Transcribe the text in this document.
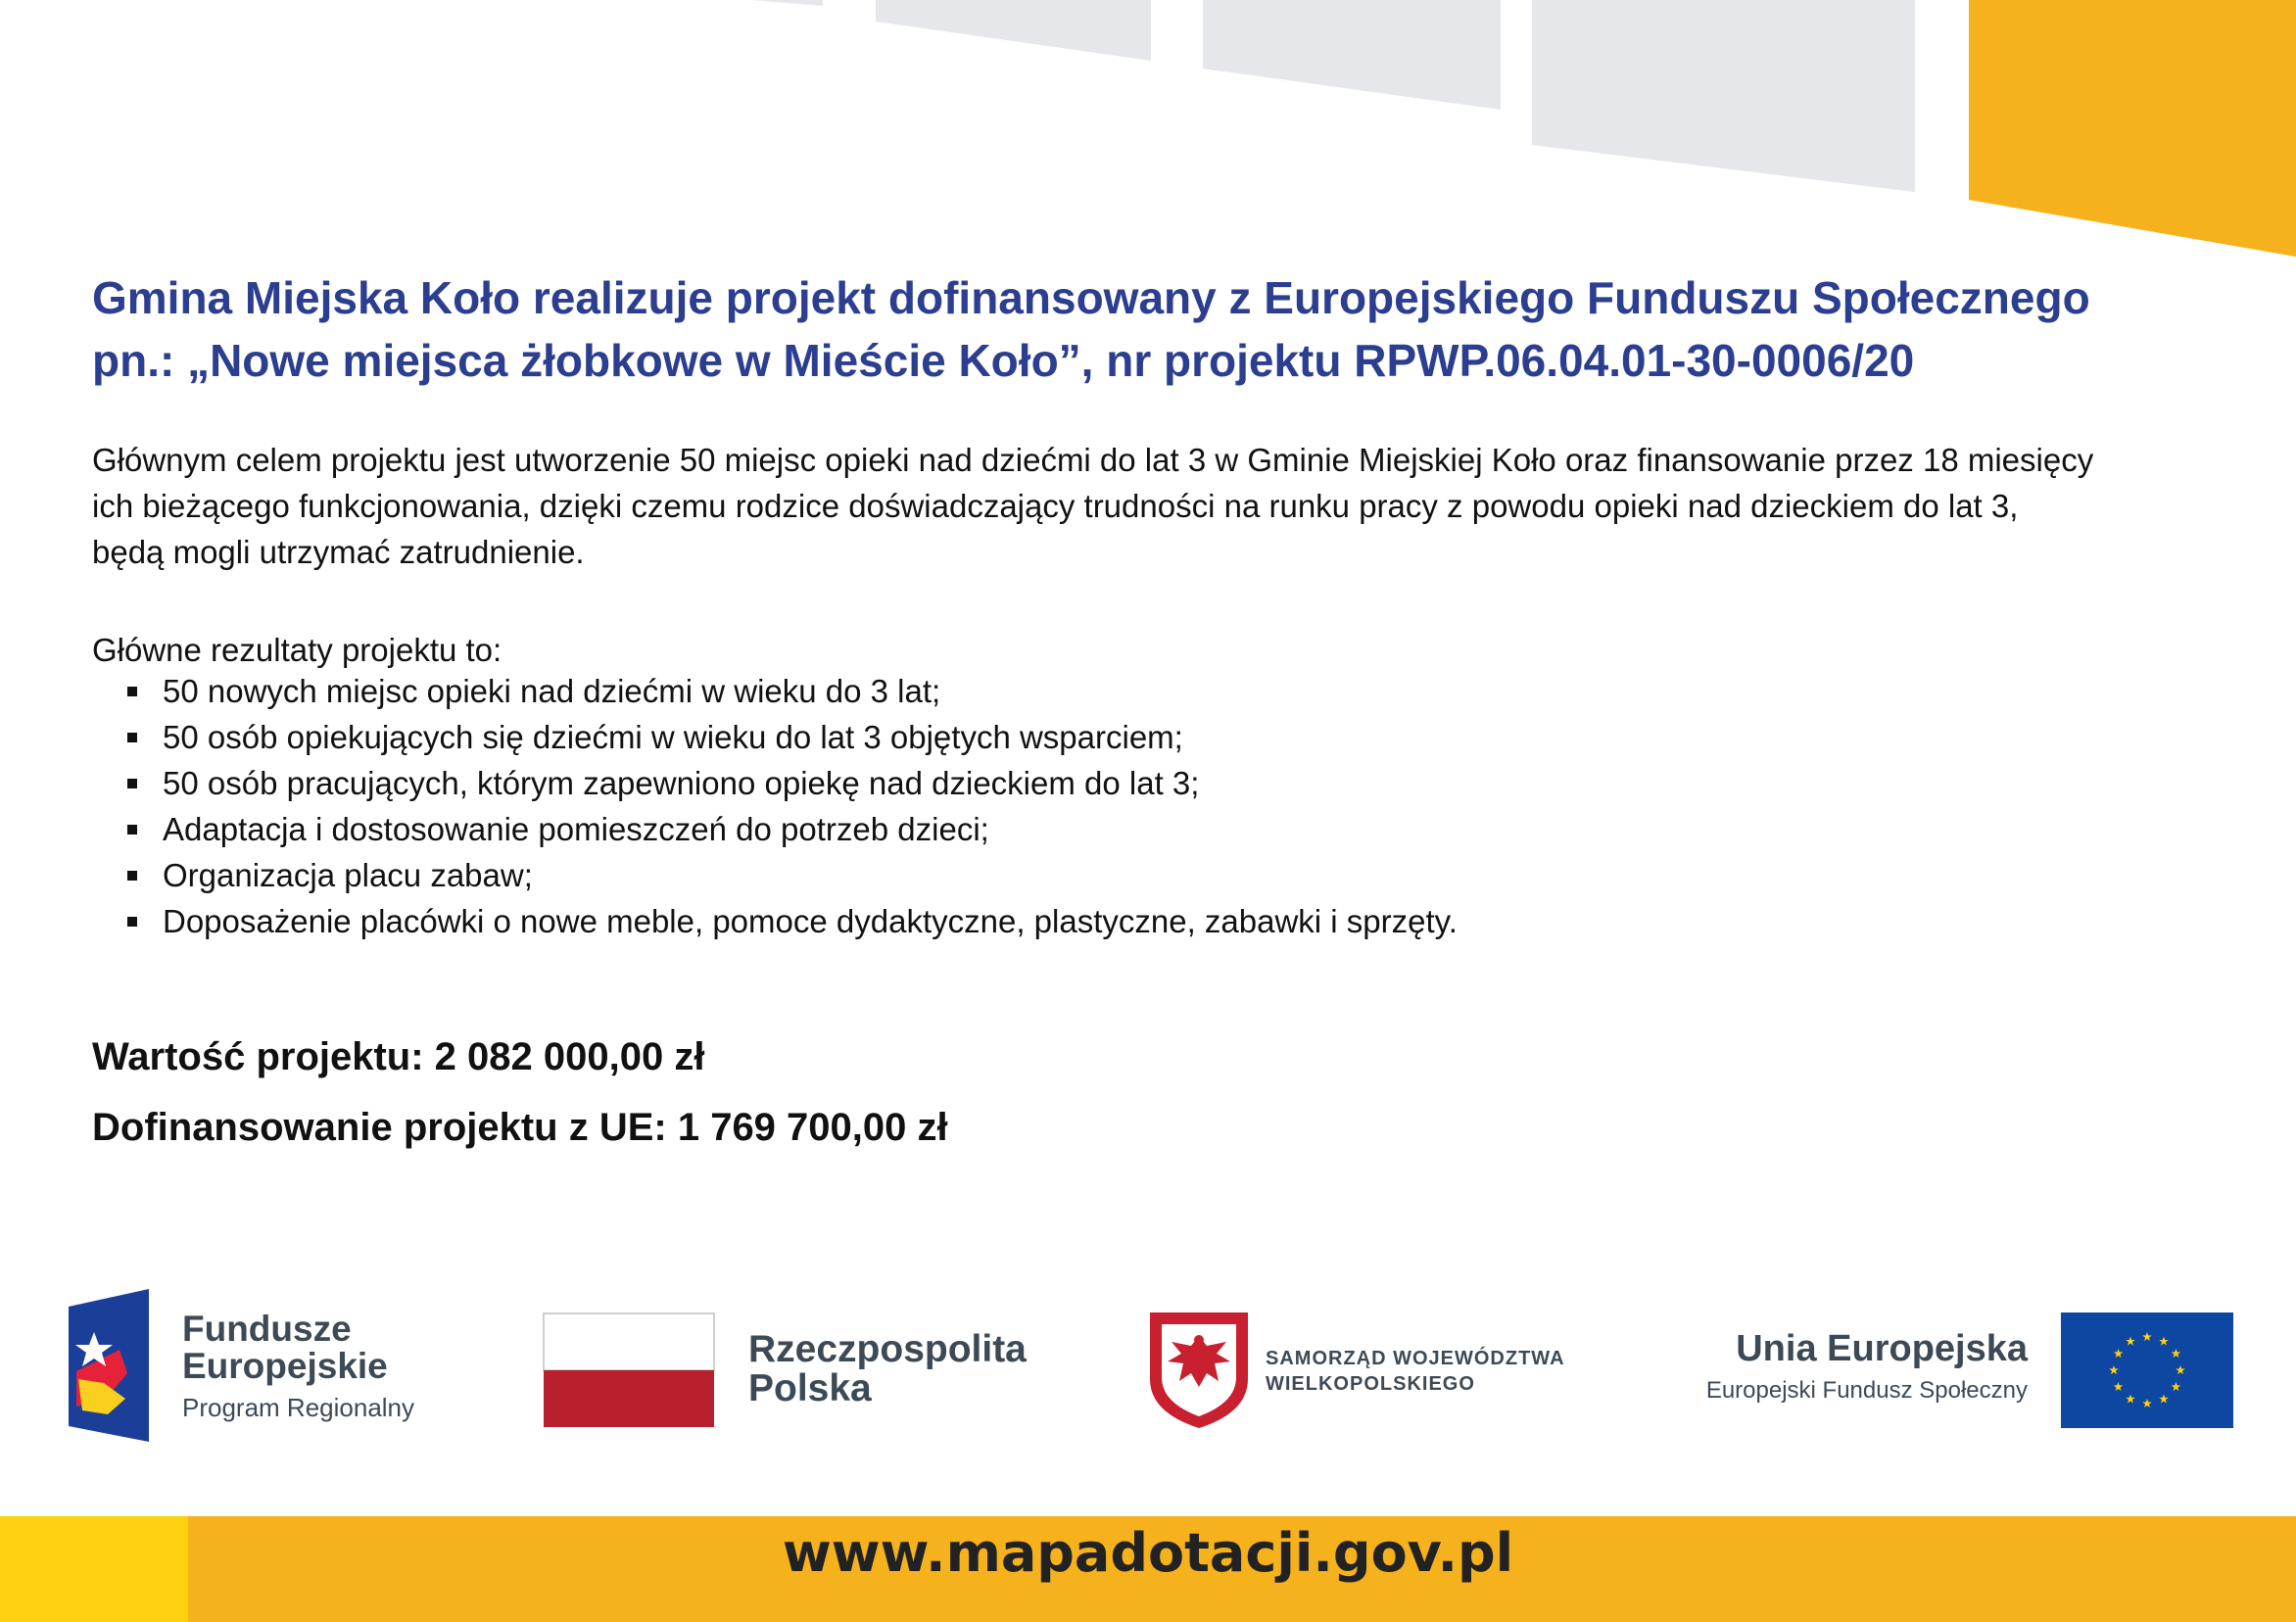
Gmina Miejska Koło realizuje projekt dofinansowany z Europejskiego Funduszu Społecznego
pn.: „Nowe miejsca żłobkowe w Mieście Koło”, nr projektu RPWP.06.04.01-30-0006/20
Głównym celem projektu jest utworzenie 50 miejsc opieki nad dziećmi do lat 3 w Gminie Miejskiej Koło oraz finansowanie przez 18 miesięcy
ich bieżącego funkcjonowania, dzięki czemu rodzice doświadczający trudności na runku pracy z powodu opieki nad dzieckiem do lat 3,
będą mogli utrzymać zatrudnienie.
Główne rezultaty projektu to:
50 nowych miejsc opieki nad dziećmi w wieku do 3 lat;
50 osób opiekujących się dziećmi w wieku do lat 3 objętych wsparciem;
50 osób pracujących, którym zapewniono opiekę nad dzieckiem do lat 3;
Adaptacja i dostosowanie pomieszczeń do potrzeb dzieci;
Organizacja placu zabaw;
Doposażenie placówki o nowe meble, pomoce dydaktyczne, plastyczne, zabawki i sprzęty.
Wartość projektu: 2 082 000,00 zł
Dofinansowanie projektu z UE: 1 769 700,00 zł
Fundusze
Europejskie
Program Regionalny
Rzeczpospolita
Polska
SAMORZĄD WOJEWÓDZTWA
WIELKOPOLSKIEGO
Unia Europejska
Europejski Fundusz Społeczny
www.mapadotacji.gov.pl
